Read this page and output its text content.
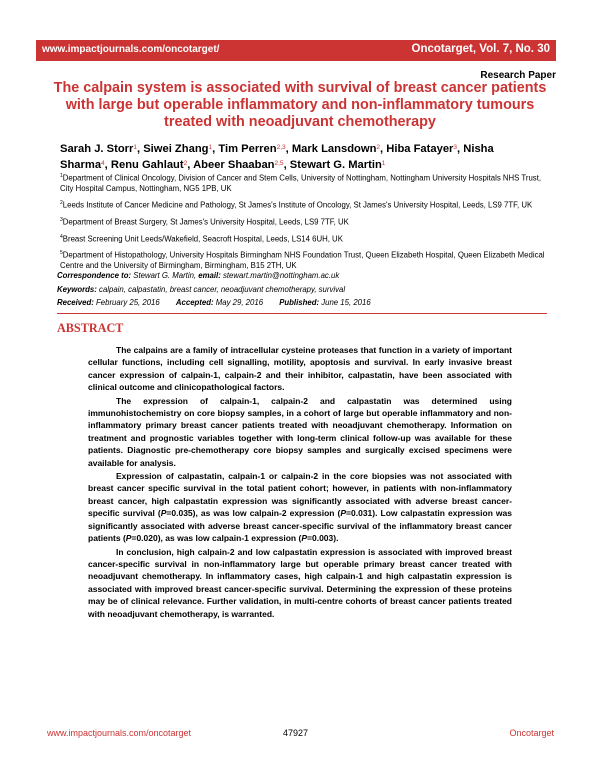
www.impactjournals.com/oncotarget/	Oncotarget, Vol. 7, No. 30
Research Paper
The calpain system is associated with survival of breast cancer patients with large but operable inflammatory and non-inflammatory tumours treated with neoadjuvant chemotherapy
Sarah J. Storr$^1$, Siwei Zhang$^1$, Tim Perren$^{2,3}$, Mark Lansdown$^2$, Hiba Fatayer$^3$, Nisha Sharma$^4$, Renu Gahlaut$^2$, Abeer Shaaban$^{2,5}$, Stewart G. Martin$^1$
$^1$Department of Clinical Oncology, Division of Cancer and Stem Cells, University of Nottingham, Nottingham University Hospitals NHS Trust, City Hospital Campus, Nottingham, NG5 1PB, UK
$^2$Leeds Institute of Cancer Medicine and Pathology, St James's Institute of Oncology, St James's University Hospital, Leeds, LS9 7TF, UK
$^3$Department of Breast Surgery, St James's University Hospital, Leeds, LS9 7TF, UK
$^4$Breast Screening Unit Leeds/Wakefield, Seacroft Hospital, Leeds, LS14 6UH, UK
$^5$Department of Histopathology, University Hospitals Birmingham NHS Foundation Trust, Queen Elizabeth Hospital, Queen Elizabeth Medical Centre and the University of Birmingham, Birmingham, B15 2TH, UK
Correspondence to: Stewart G. Martin, email: stewart.martin@nottingham.ac.uk
Keywords: calpain, calpastatin, breast cancer, neoadjuvant chemotherapy, survival
Received: February 25, 2016 Accepted: May 29, 2016 Published: June 15, 2016
ABSTRACT

The calpains are a family of intracellular cysteine proteases that function in a variety of important cellular functions, including cell signalling, motility, apoptosis and survival. In early invasive breast cancer expression of calpain-1, calpain-2 and their inhibitor, calpastatin, have been associated with clinical outcome and clinicopathological factors.

The expression of calpain-1, calpain-2 and calpastatin was determined using immunohistochemistry on core biopsy samples, in a cohort of large but operable inflammatory and non-inflammatory primary breast cancer patients treated with neoadjuvant chemotherapy. Information on treatment and prognostic variables together with long-term clinical follow-up was available for these patients. Diagnostic pre-chemotherapy core biopsy samples and surgically excised specimens were available for analysis.

Expression of calpastatin, calpain-1 or calpain-2 in the core biopsies was not associated with breast cancer specific survival in the total patient cohort; however, in patients with non-inflammatory breast cancer, high calpastatin expression was significantly associated with adverse breast cancer-specific survival (P=0.035), as was low calpain-2 expression (P=0.031). Low calpastatin expression was significantly associated with adverse breast cancer-specific survival of the inflammatory breast cancer patients (P=0.020), as was low calpain-1 expression (P=0.003).

In conclusion, high calpain-2 and low calpastatin expression is associated with improved breast cancer-specific survival in non-inflammatory large but operable primary breast cancer treated with neoadjuvant chemotherapy. In inflammatory cases, high calpain-1 and high calpastatin expression is associated with improved breast cancer-specific survival. Determining the expression of these proteins may be of clinical relevance. Further validation, in multi-centre cohorts of breast cancer patients treated with neoadjuvant chemotherapy, is warranted.

www.impactjournals.com/oncotarget	47927	Oncotarget
